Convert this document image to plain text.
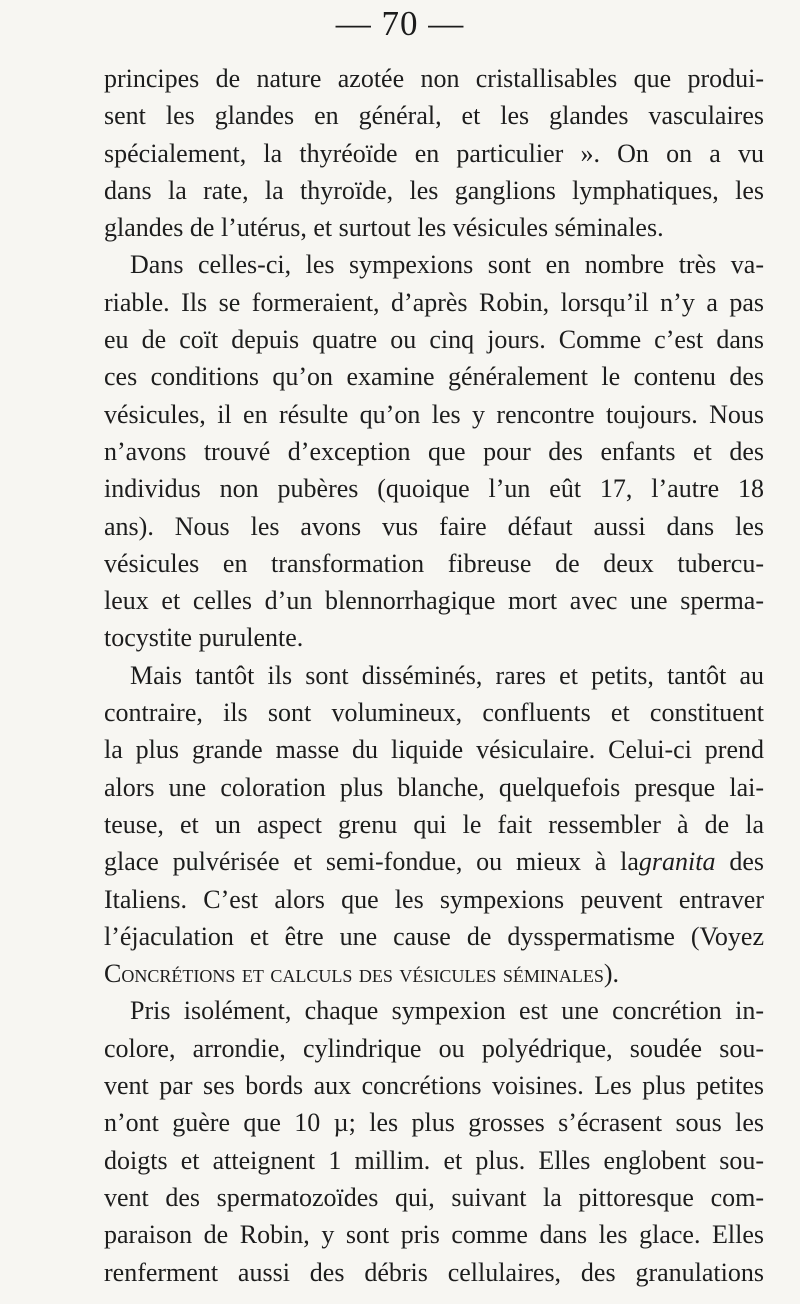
— 70 —
principes de nature azotée non cristallisables que produi-
sent les glandes en général, et les glandes vasculaires
spécialement, la thyréoïde en particulier ». On on a vu
dans la rate, la thyroïde, les ganglions lymphatiques, les
glandes de l’utérus, et surtout les vésicules séminales.
Dans celles-ci, les sympexions sont en nombre très va-
riable. Ils se formeraient, d’après Robin, lorsqu’il n’y a pas
eu de coït depuis quatre ou cinq jours. Comme c’est dans
ces conditions qu’on examine généralement le contenu des
vésicules, il en résulte qu’on les y rencontre toujours. Nous
n’avons trouvé d’exception que pour des enfants et des
individus non pubères (quoique l’un eût 17, l’autre 18
ans). Nous les avons vus faire défaut aussi dans les
vésicules en transformation fibreuse de deux tubercu-
leux et celles d’un blennorrhagique mort avec une sperma-
tocystite purulente.
Mais tantôt ils sont disséminés, rares et petits, tantôt au
contraire, ils sont volumineux, confluents et constituent
la plus grande masse du liquide vésiculaire. Celui-ci prend
alors une coloration plus blanche, quelquefois presque lai-
teuse, et un aspect grenu qui le fait ressembler à de la
glace pulvérisée et semi-fondue, ou mieux à lagranita des
Italiens. C’est alors que les sympexions peuvent entraver
l’éjaculation et être une cause de dysspermatisme (Voyez
Concrétions et calculs des vésicules séminales).
Pris isolément, chaque sympexion est une concrétion in-
colore, arrondie, cylindrique ou polyédrique, soudée sou-
vent par ses bords aux concrétions voisines. Les plus petites
n’ont guère que 10 µ; les plus grosses s’écrasent sous les
doigts et atteignent 1 millim. et plus. Elles englobent sou-
vent des spermatozoïdes qui, suivant la pittoresque com-
paraison de Robin, y sont pris comme dans les glace. Elles
renferment aussi des débris cellulaires, des granulations
